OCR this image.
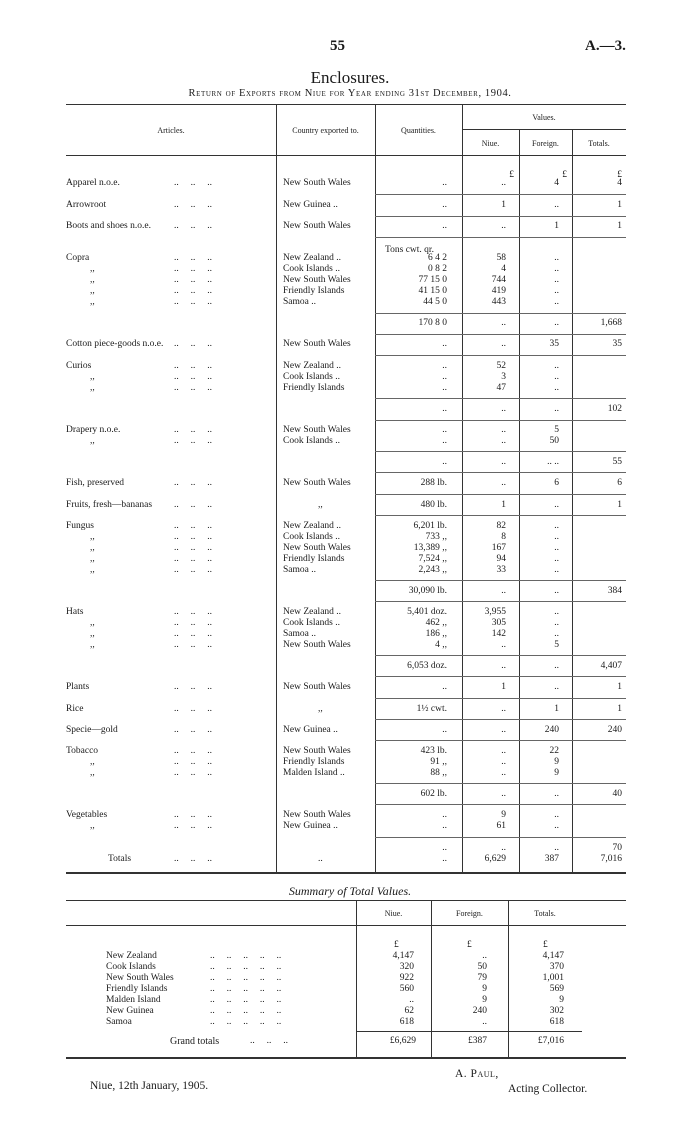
55	A.—3.
Enclosures.
Return of Exports from Niue for Year ending 31st December, 1904.
Articles.	Country exported to.	Quantities.
Values.
Niue.	Foreign.	Totals.
£	£	£
Tons cwt. qr.
Apparel n.o.e.	..     ..     ..	New South Wales	..	..	4	4
Arrowroot	..     ..     ..	New Guinea ..	..	1	..	1
Boots and shoes n.o.e. ..     ..     ..	New South Wales	..	..	1	1
Copra	..     ..     ..	New Zealand ..	6 4 2	58	..
,,	..     ..     ..	Cook Islands ..	0 8 2	4	..
,,	..     ..     ..	New South Wales	77 15 0	744	..
,,	..     ..     ..	Friendly Islands	41 15 0	419	..
,,	..     ..     ..	Samoa ..	44 5 0	443	..
170 8 0	..	..	1,668
Cotton piece-goods n.o.e. ..     ..     ..	New South Wales	..	..	35	35
Curios	..     ..     ..	New Zealand ..	..	52	..
,,	..     ..     ..	Cook Islands ..	..	3	..
,,	..     ..     ..	Friendly Islands	..	47	..
..	..	..	102
Drapery n.o.e.	..     ..     ..	New South Wales	..	..	5
,,	..     ..     ..	Cook Islands ..	..	..	50
..	..	.. ..	55
Fish, preserved	..     ..     ..	New South Wales	288 lb.	..	6	6
Fruits, fresh—bananas ..     ..     ..	,,	480 lb.	1	..	1
Fungus	..     ..     ..	New Zealand ..	6,201 lb.	82	..
,,	..     ..     ..	Cook Islands ..	733 ,,	8	..
,,	..     ..     ..	New South Wales	13,389 ,,	167	..
,,	..     ..     ..	Friendly Islands	7,524 ,,	94	..
,,	..     ..     ..	Samoa ..	2,243 ,,	33	..
30,090 lb.	..	..	384
Hats	..     ..     ..	New Zealand ..	5,401 doz.	3,955	..
,,	..     ..     ..	Cook Islands ..	462 ,,	305	..
,,	..     ..     ..	Samoa ..	186 ,,	142	..
,,	..     ..     ..	New South Wales	4 ,,	..	5
6,053 doz.	..	..	4,407
Plants	..     ..     ..	New South Wales	..	1	..	1
Rice	..     ..     ..	,,	1½ cwt.	..	1	1
Specie—gold	..     ..     ..	New Guinea ..	..	..	240	240
Tobacco	..     ..     ..	New South Wales	423 lb.	..	22
,,	..     ..     ..	Friendly Islands	91 ,,	..	9
,,	..     ..     ..	Malden Island ..	88 ,,	..	9
602 lb.	..	..	40
Vegetables	..     ..     ..	New South Wales	..	9	..
,,	..     ..     ..	New Guinea ..	..	61	..
..	..	..	70
Totals	..     ..     ..	..	..	6,629	387	7,016
Summary of Total Values.
Niue.	Foreign.	Totals.
£	£	£
New Zealand	..     ..     ..     ..     ..	4,147	..	4,147
Cook Islands	..     ..     ..     ..     ..	320	50	370
New South Wales	..     ..     ..     ..     ..	922	79	1,001
Friendly Islands	..     ..     ..     ..     ..	560	9	569
Malden Island	..     ..     ..     ..     ..	..	9	9
New Guinea	..     ..     ..     ..     ..	62	240	302
Samoa	..     ..     ..     ..     ..	618	..	618
Grand totals	..     ..     ..	£6,629	£387	£7,016
A. Paul,
Acting Collector.
Niue, 12th January, 1905.
